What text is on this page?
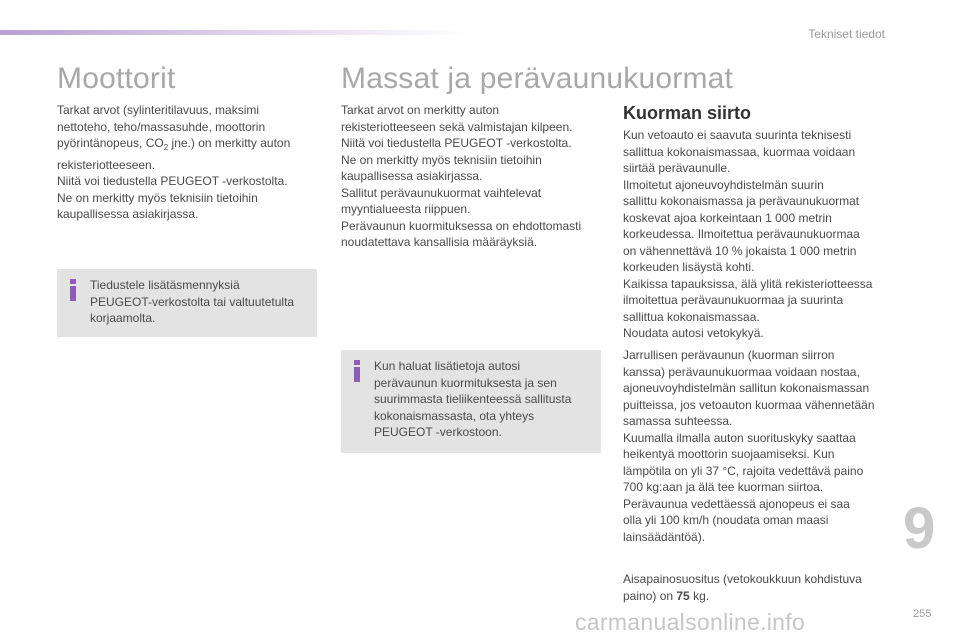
Tekniset tiedot
Moottorit

Tarkat arvot (sylinteritilavuus, maksimi
nettoteho, teho/massasuhde, moottorin
pyörintänopeus, $CO_2$ jne.) on merkitty auton
rekisteriotteeseen.
Niitä voi tiedustella PEUGEOT -verkostolta.
Ne on merkitty myös teknisiin tietoihin
kaupallisessa asiakirjassa.

Tiedustele lisätäsmennyksiä
PEUGEOT-verkostolta tai valtuutetulta
korjaamolta.
Massat ja perävaunukuormat

Tarkat arvot on merkitty auton
rekisteriotteeseen sekä valmistajan kilpeen.
Niitä voi tiedustella PEUGEOT -verkostolta.
Ne on merkitty myös teknisiin tietoihin
kaupallisessa asiakirjassa.
Sallitut perävaunukuormat vaihtelevat
myyntialueesta riippuen.
Perävaunun kuormituksessa on ehdottomasti
noudatettava kansallisia määräyksiä.

Kun haluat lisätietoja autosi
perävaunun kuormituksesta ja sen
suurimmasta tieliikenteessä sallitusta
kokonaismassasta, ota yhteys
PEUGEOT -verkostoon.
Kuorman siirto

Kun vetoauto ei saavuta suurinta teknisesti
sallittua kokonaismassaa, kuormaa voidaan
siirtää perävaunulle.
Ilmoitetut ajoneuvoyhdistelmän suurin
sallittu kokonaismassa ja perävaunukuormat
koskevat ajoa korkeintaan 1 000 metrin
korkeudessa. Ilmoitettua perävaunukuormaa
on vähennettävä 10 % jokaista 1 000 metrin
korkeuden lisäystä kohti.
Kaikissa tapauksissa, älä ylitä rekisteriotteessa
ilmoitettua perävaunukuormaa ja suurinta
sallittua kokonaismassaa.
Noudata autosi vetokykyä.

Jarrullisen perävaunun (kuorman siirron
kanssa) perävaunukuormaa voidaan nostaa,
ajoneuvoyhdistelmän sallitun kokonaismassan
puitteissa, jos vetoauton kuormaa vähennetään
samassa suhteessa.
Kuumalla ilmalla auton suorituskyky saattaa
heikentyä moottorin suojaamiseksi. Kun
lämpötila on yli 37 °C, rajoita vedettävä paino
700 kg:aan ja älä tee kuorman siirtoa.
Perävaunua vedettäessä ajonopeus ei saa
olla yli 100 km/h (noudata oman maasi
lainsäädäntöä).

Aisapainosuositus (vetokoukkuun kohdistuva
paino) on 75 kg.

9
carmanualsonline.info	255
